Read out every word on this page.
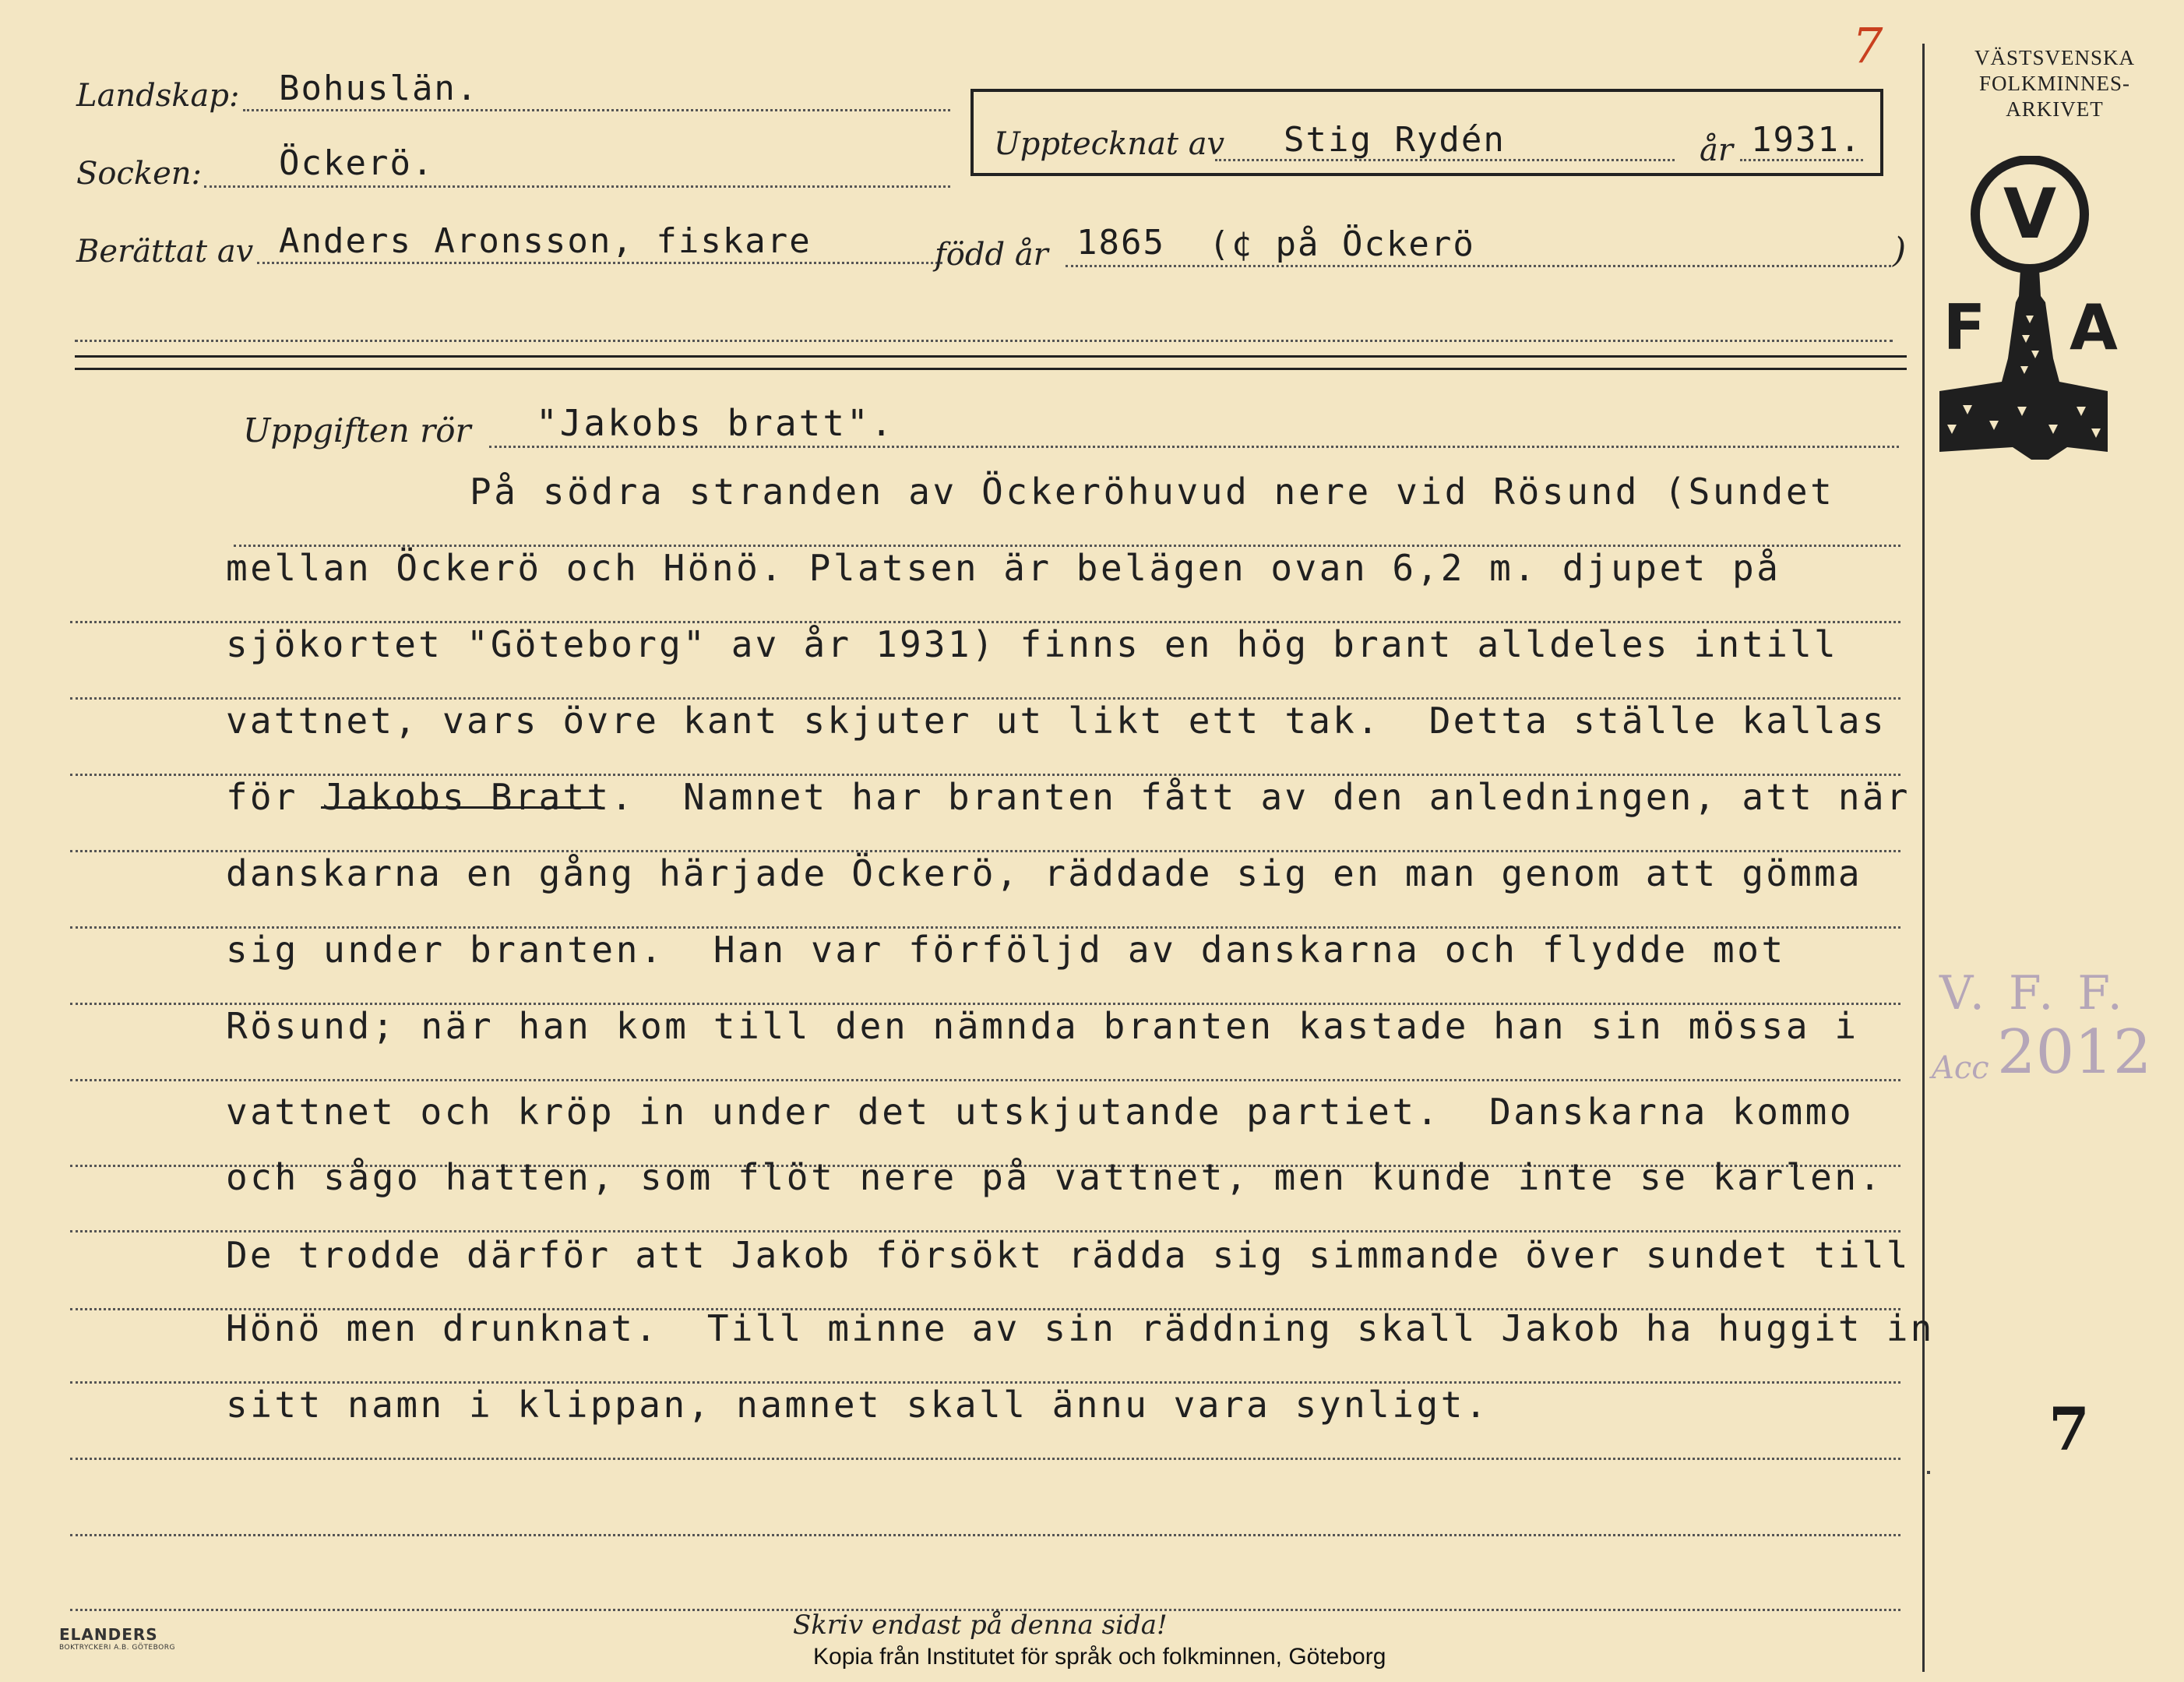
7
Landskap: Bohuslän.
Socken: Öckerö.	Upptecknat av Stig Rydén	år 1931.
Berättat av Anders Aronsson, fiskare	född år 1865 (¢ på Öckerö	)
Uppgiften rör "Jakobs bratt".
På södra stranden av Öckeröhuvud nere vid Rösund (Sundet
mellan Öckerö och Hönö. Platsen är belägen ovan 6,2 m. djupet på
sjökortet "Göteborg" av år 1931) finns en hög brant alldeles intill
vattnet, vars övre kant skjuter ut likt ett tak.  Detta ställe kallas
för Jakobs Bratt.  Namnet har branten fått av den anledningen, att när
danskarna en gång härjade Öckerö, räddade sig en man genom att gömma
sig under branten.  Han var förföljd av danskarna och flydde mot
Rösund; när han kom till den nämnda branten kastade han sin mössa i
vattnet och kröp in under det utskjutande partiet.  Danskarna kommo
och sågo hatten, som flöt nere på vattnet, men kunde inte se karlen.
De trodde därför att Jakob försökt rädda sig simmande över sundet till
Hönö men drunknat.  Till minne av sin räddning skall Jakob ha huggit in
sitt namn i klippan, namnet skall ännu vara synligt.
VÄSTSVENSKA
FOLKMINNES-
ARKIVET
V
F A
V. F. F.
Acc 2012
7
ELANDERS
BOKTRYCKERI A.B. GÖTEBORG
Skriv endast på denna sida!
Kopia från Institutet för språk och folkminnen, Göteborg
